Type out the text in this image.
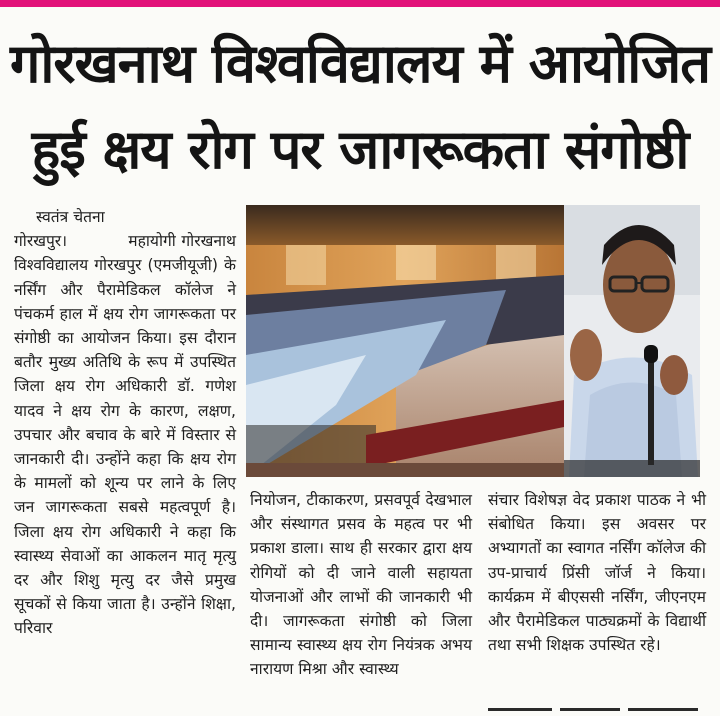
गोरखनाथ विश्वविद्यालय में आयोजित
हुई क्षय रोग पर जागरूकता संगोष्ठी
स्वतंत्र चेतना

गोरखपुर।	महायोगी गोरखनाथ विश्वविद्यालय गोरखपुर (एमजीयूजी) के नर्सिंग और पैरामेडिकल कॉलेज ने पंचकर्म हाल में क्षय रोग जागरूकता पर संगोष्ठी का आयोजन किया। इस दौरान बतौर मुख्य अतिथि के रूप में उपस्थित जिला क्षय रोग अधिकारी डॉ. गणेश यादव ने क्षय रोग के कारण, लक्षण, उपचार और बचाव के बारे में विस्तार से जानकारी दी। उन्होंने कहा कि क्षय रोग के मामलों को शून्य पर लाने के लिए जन जागरूकता सबसे महत्वपूर्ण है। जिला क्षय रोग अधिकारी ने कहा कि स्वास्थ्य सेवाओं का आकलन मातृ मृत्यु दर और शिशु मृत्यु दर जैसे प्रमुख सूचकों से किया जाता है। उन्होंने शिक्षा, परिवार

नियोजन, टीकाकरण, प्रसवपूर्व देखभाल और संस्थागत प्रसव के महत्व पर भी प्रकाश डाला। साथ ही सरकार द्वारा क्षय रोगियों को दी जाने वाली सहायता योजनाओं और लाभों की जानकारी भी दी। जागरूकता संगोष्ठी को जिला सामान्य स्वास्थ्य क्षय रोग नियंत्रक अभय नारायण मिश्रा और स्वास्थ्य

संचार विशेषज्ञ वेद प्रकाश पाठक ने भी संबोधित किया। इस अवसर पर अभ्यागतों का स्वागत नर्सिंग कॉलेज की उप-प्राचार्य प्रिंसी जॉर्ज ने किया। कार्यक्रम में बीएससी नर्सिंग, जीएनएम और पैरामेडिकल पाठ्यक्रमों के विद्यार्थी तथा सभी शिक्षक उपस्थित रहे।
